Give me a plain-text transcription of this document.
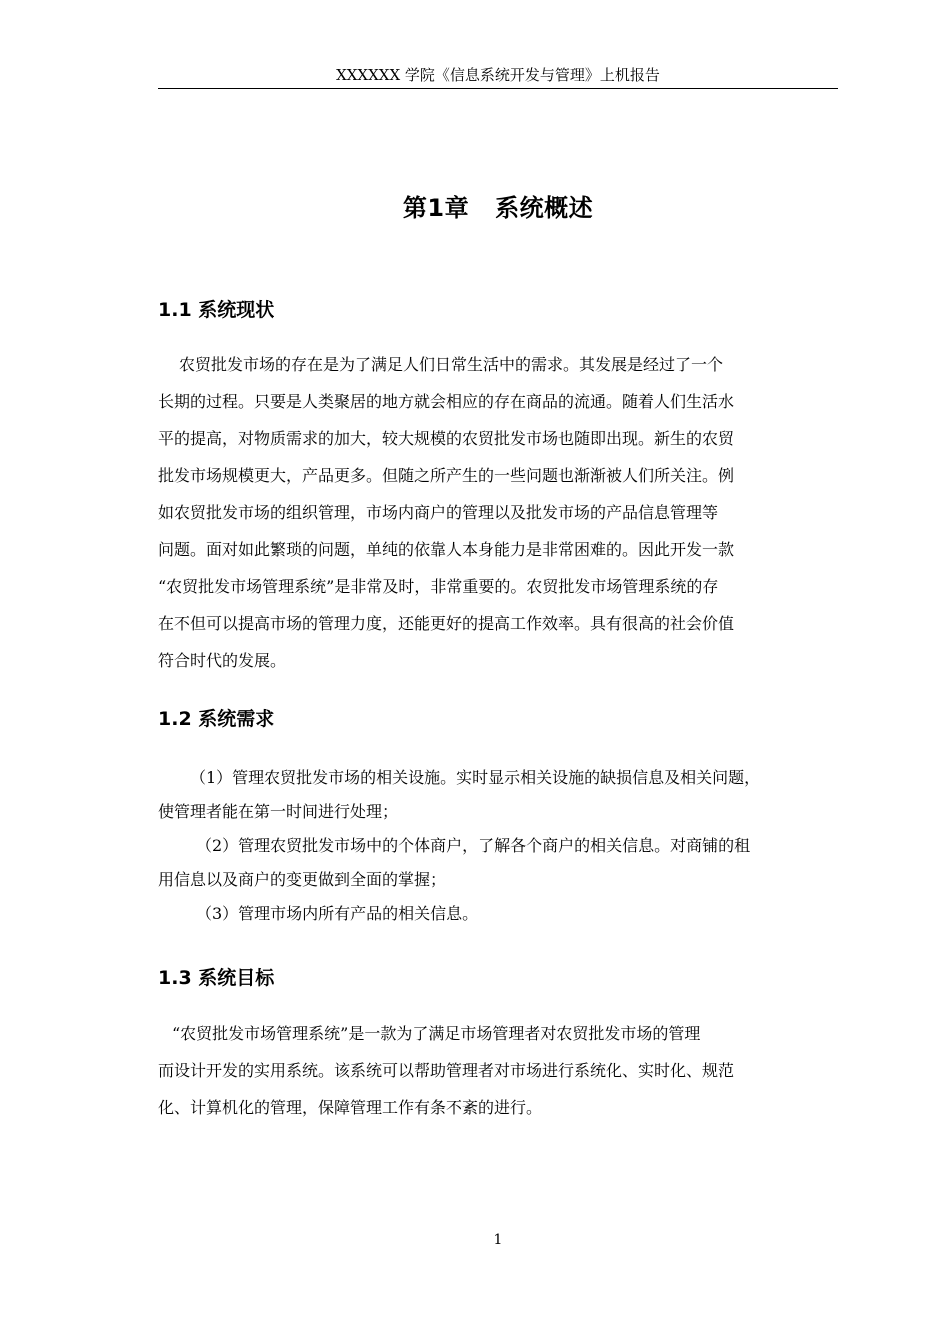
XXXXXX 学院《信息系统开发与管理》上机报告
第1章 系统概述
1.1 系统现状
农贸批发市场的存在是为了满足人们日常生活中的需求。其发展是经过了一个
长期的过程。只要是人类聚居的地方就会相应的存在商品的流通。随着人们生活水
平的提高，对物质需求的加大，较大规模的农贸批发市场也随即出现。新生的农贸
批发市场规模更大，产品更多。但随之所产生的一些问题也渐渐被人们所关注。例
如农贸批发市场的组织管理，市场内商户的管理以及批发市场的产品信息管理等
问题。面对如此繁琐的问题，单纯的依靠人本身能力是非常困难的。因此开发一款
“农贸批发市场管理系统”是非常及时，非常重要的。农贸批发市场管理系统的存
在不但可以提高市场的管理力度，还能更好的提高工作效率。具有很高的社会价值
符合时代的发展。
1.2 系统需求
（1）管理农贸批发市场的相关设施。实时显示相关设施的缺损信息及相关问题，
使管理者能在第一时间进行处理；
（2）管理农贸批发市场中的个体商户，了解各个商户的相关信息。对商铺的租
用信息以及商户的变更做到全面的掌握；
（3）管理市场内所有产品的相关信息。
1.3 系统目标
“农贸批发市场管理系统”是一款为了满足市场管理者对农贸批发市场的管理
而设计开发的实用系统。该系统可以帮助管理者对市场进行系统化、实时化、规范
化、计算机化的管理，保障管理工作有条不紊的进行。
1
